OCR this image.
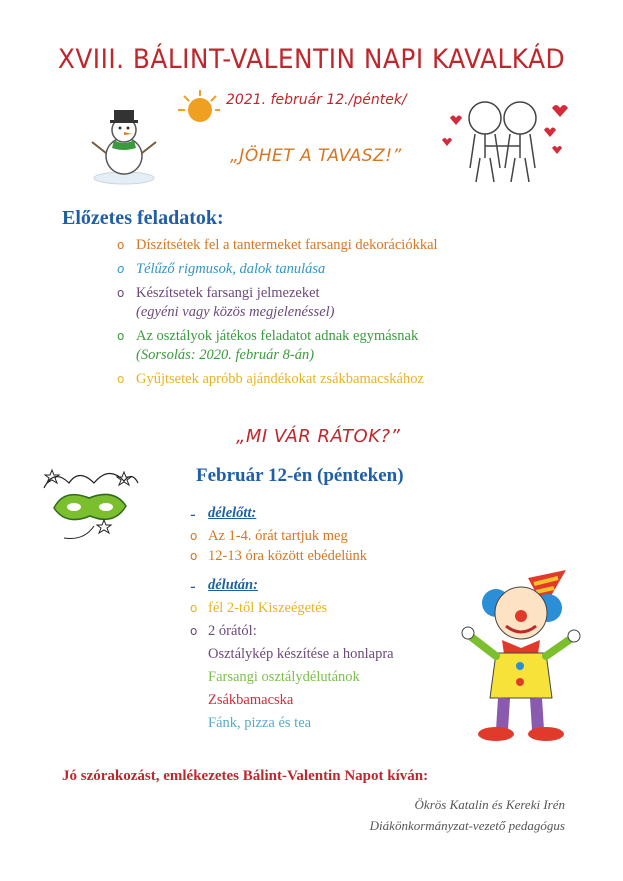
XVIII. BÁLINT-VALENTIN NAPI KAVALKÁD
2021. február 12./péntek/
„JÖHET A TAVASZ!”
Előzetes feladatok:
o Díszítsétek fel a tantermeket farsangi dekorációkkal
o Télűző rigmusok, dalok tanulása
o Készítsetek farsangi jelmezeket
(egyéni vagy közös megjelenéssel)
o Az osztályok játékos feladatot adnak egymásnak
(Sorsolás: 2020. február 8-án)
o Gyűjtsetek apróbb ajándékokat zsákbamacskához
„MI VÁR RÁTOK?”
Február 12-én (pénteken)
- délelőtt:
o Az 1-4. órát tartjuk meg
o 12-13 óra között ebédelünk
- délután:
o fél 2-től Kiszeégetés
o 2 órától:
Osztálykép készítése a honlapra
Farsangi osztálydélutánok
Zsákbamacska
Fánk, pizza és tea
Jó szórakozást, emlékezetes Bálint-Valentin Napot kíván:
Ökrös Katalin és Kereki Irén
Diákönkormányzat-vezető pedagógus
